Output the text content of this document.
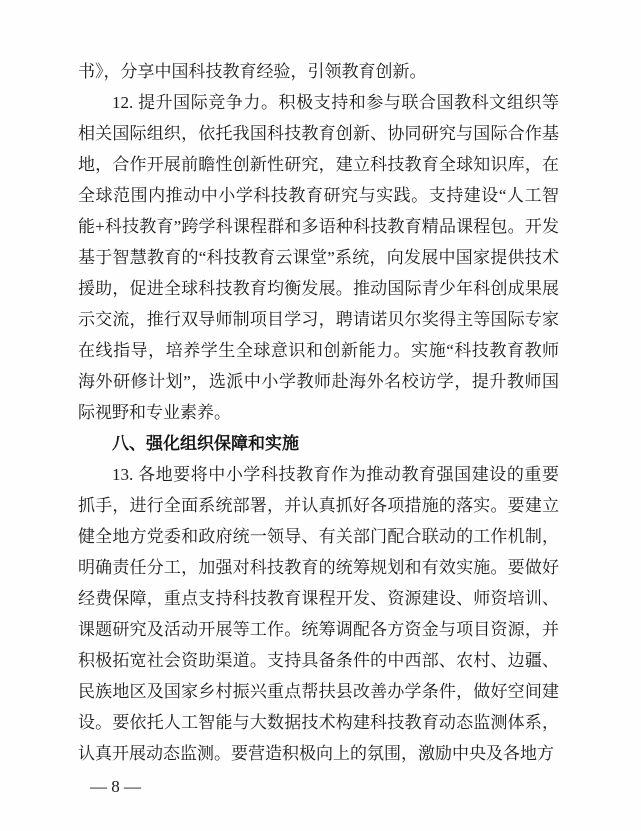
书》，分享中国科技教育经验，引领教育创新。

12. 提升国际竞争力。积极支持和参与联合国教科文组织等相关国际组织，依托我国科技教育创新、协同研究与国际合作基地，合作开展前瞻性创新性研究，建立科技教育全球知识库，在全球范围内推动中小学科技教育研究与实践。支持建设“人工智能+科技教育”跨学科课程群和多语种科技教育精品课程包。开发基于智慧教育的“科技教育云课堂”系统，向发展中国家提供技术援助，促进全球科技教育均衡发展。推动国际青少年科创成果展示交流，推行双导师制项目学习，聘请诺贝尔奖得主等国际专家在线指导，培养学生全球意识和创新能力。实施“科技教育教师海外研修计划”，选派中小学教师赴海外名校访学，提升教师国际视野和专业素养。

八、强化组织保障和实施

13. 各地要将中小学科技教育作为推动教育强国建设的重要抓手，进行全面系统部署，并认真抓好各项措施的落实。要建立健全地方党委和政府统一领导、有关部门配合联动的工作机制，明确责任分工，加强对科技教育的统筹规划和有效实施。要做好经费保障，重点支持科技教育课程开发、资源建设、师资培训、课题研究及活动开展等工作。统筹调配各方资金与项目资源，并积极拓宽社会资助渠道。支持具备条件的中西部、农村、边疆、民族地区及国家乡村振兴重点帮扶县改善办学条件，做好空间建设。要依托人工智能与大数据技术构建科技教育动态监测体系，认真开展动态监测。要营造积极向上的氛围，激励中央及各地方

— 8 —
